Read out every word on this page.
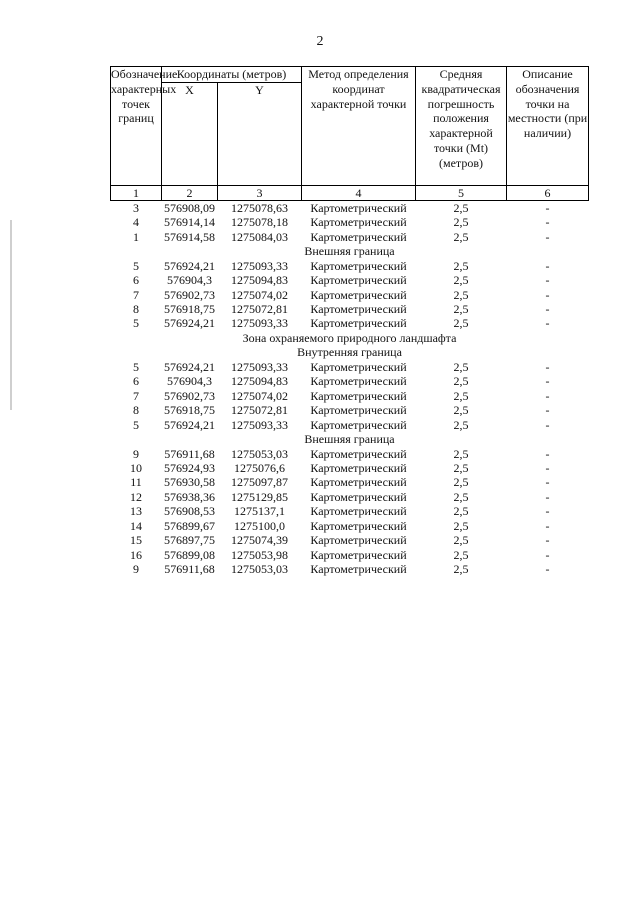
2
Обозначение характерных точек границ	Координаты (метров)		Метод определения координат характерной точки	Средняя квадратическая погрешность положения характерной точки (Mt) (метров)	Описание обозначения точки на местности (при наличии)
	X	Y			
1	2	3	4	5	6
3	576908,09	1275078,63	Картометрический	2,5	-
4	576914,14	1275078,18	Картометрический	2,5	-
1	576914,58	1275084,03	Картометрический	2,5	-
Внешняя граница					
5	576924,21	1275093,33	Картометрический	2,5	-
6	576904,3	1275094,83	Картометрический	2,5	-
7	576902,73	1275074,02	Картометрический	2,5	-
8	576918,75	1275072,81	Картометрический	2,5	-
5	576924,21	1275093,33	Картометрический	2,5	-
Зона охраняемого природного ландшафта					
Внутренняя граница					
5	576924,21	1275093,33	Картометрический	2,5	-
6	576904,3	1275094,83	Картометрический	2,5	-
7	576902,73	1275074,02	Картометрический	2,5	-
8	576918,75	1275072,81	Картометрический	2,5	-
5	576924,21	1275093,33	Картометрический	2,5	-
Внешняя граница					
9	576911,68	1275053,03	Картометрический	2,5	-
10	576924,93	1275076,6	Картометрический	2,5	-
11	576930,58	1275097,87	Картометрический	2,5	-
12	576938,36	1275129,85	Картометрический	2,5	-
13	576908,53	1275137,1	Картометрический	2,5	-
14	576899,67	1275100,0	Картометрический	2,5	-
15	576897,75	1275074,39	Картометрический	2,5	-
16	576899,08	1275053,98	Картометрический	2,5	-
9	576911,68	1275053,03	Картометрический	2,5	-
